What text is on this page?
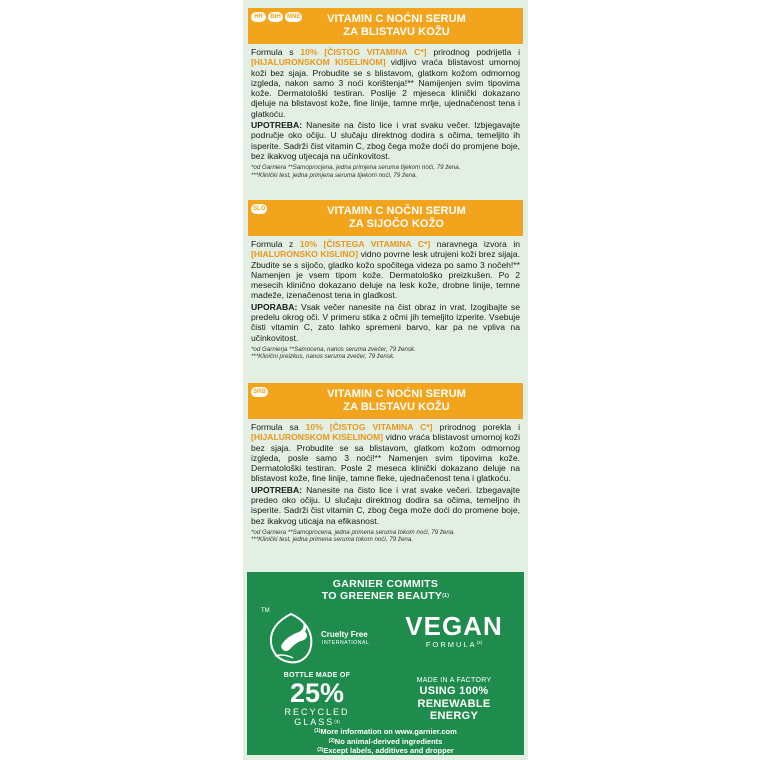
HR	BIH	MNE	VITAMIN C NOĆNI SERUM
ZA BLISTAVU KOŽU

Formula s 10% [ČISTOG VITAMINA C*] prirodnog podrijetla i [HIJALURONSKOM KISELINOM] vidljivo vraća blistavost umornoj koži bez sjaja. Probudite se s blistavom, glatkom kožom odmornog izgleda, nakon samo 3 noći korištenja!** Namijenjen svim tipovima kože. Dermatološki testiran. Poslije 2 mjeseca klinički dokazano djeluje na blistavost kože, fine linije, tamne mrlje, ujednačenost tena i glatkoću.

UPOTREBA: Nanesite na čisto lice i vrat svaku večer. Izbjegavajte područje oko očiju. U slučaju direktnog dodira s očima, temeljito ih isperite. Sadrži čist vitamin C, zbog čega može doći do promjene boje, bez ikakvog utjecaja na učinkovitost.

*od Garniera **Samoprocjena, jedna primjena seruma tijekom noći, 79 žena.
***Klinički test, jedna primjena seruma tijekom noći, 79 žena.
SLO	VITAMIN C NOČNI SERUM
ZA SIJOČO KOŽO

Formula z 10% [ČISTEGA VITAMINA C*] naravnega izvora in [HIALURONSKO KISLINO] vidno povrne lesk utrujeni koži brez sijaja. Zbudite se s sijočo, gladko kožo spočitega videza po samo 3 nočeh!** Namenjen je vsem tipom kože. Dermatološko preizkušen. Po 2 mesecih klinično dokazano deluje na lesk kože, drobne linije, temne madeže, izenačenost tena in gladkost.

UPORABA: Vsak večer nanesite na čist obraz in vrat. Izogibajte se predelu okrog oči. V primeru stika z očmi jih temeljito izperite. Vsebuje čisti vitamin C, zato lahko spremeni barvo, kar pa ne vpliva na učinkovitost.

*od Garnierja **Samocena, nanos seruma zvečer, 79 žensk.
***Klinični preizkus, nanos seruma zvečer, 79 žensk.
SRB	VITAMIN C NOĆNI SERUM
ZA BLISTAVU KOŽU

Formula sa 10% [ČISTOG VITAMINA C*] prirodnog porekla i [HIJALURONSKOM KISELINOM] vidno vraća blistavost umornoj koži bez sjaja. Probudite se sa blistavom, glatkom kožom odmornog izgleda, posle samo 3 noći!** Namenjen svim tipovima kože. Dermatološki testiran. Posle 2 meseca klinički dokazano deluje na blistavost kože, fine linije, tamne fleke, ujednačenost tena i glatkoću.

UPOTREBA: Nanesite na čisto lice i vrat svake večeri. Izbegavajte predeo oko očiju. U slučaju direktnog dodira sa očima, temeljno ih isperite. Sadrži čist vitamin C, zbog čega može doći do promene boje, bez ikakvog uticaja na efikasnost.

*od Garniera **Samoprocena, jedna primena seruma tokom noći, 79 žena.
***Klinički test, jedna primena seruma tokom noći, 79 žena.
GARNIER COMMITS
TO GREENER BEAUTY$^{(1)}$
TM
Cruelty Free
INTERNATIONAL
VEGAN
FORMULA$^{(2)}$
BOTTLE MADE OF
25%
RECYCLED
GLASS$^{(3)}$
MADE IN A FACTORY
USING 100%
RENEWABLE
ENERGY
$^{(1)}$More information on www.garnier.com
$^{(2)}$No animal-derived ingredients
$^{(3)}$Except labels, additives and dropper
